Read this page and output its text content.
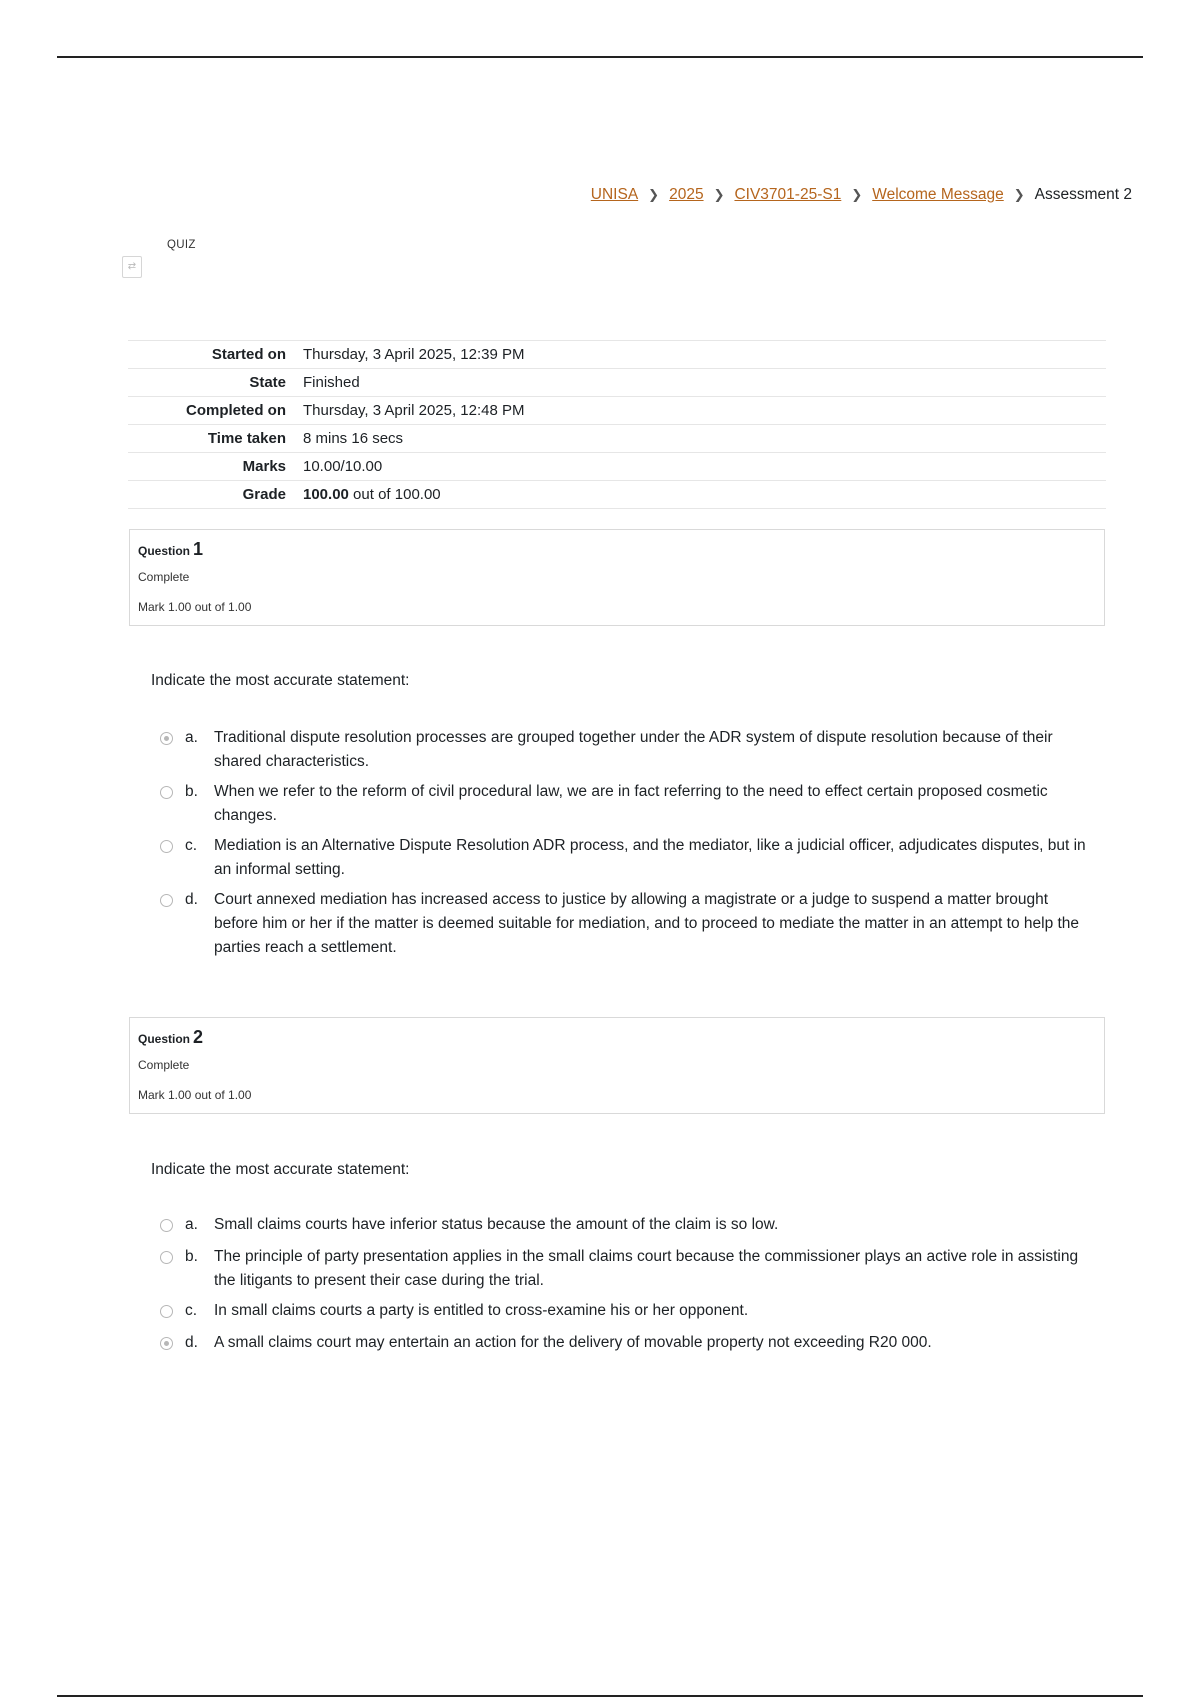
UNISA ❯ 2025 ❯ CIV3701-25-S1 ❯ Welcome Message ❯ Assessment 2
QUIZ
⇄
Started on	Thursday, 3 April 2025, 12:39 PM
State	Finished
Completed on	Thursday, 3 April 2025, 12:48 PM
Time taken	8 mins 16 secs
Marks	10.00/10.00
Grade	100.00 out of 100.00
Question 1
Complete
Mark 1.00 out of 1.00
Indicate the most accurate statement:
a. Traditional dispute resolution processes are grouped together under the ADR system of dispute resolution because of their shared characteristics.
b. When we refer to the reform of civil procedural law, we are in fact referring to the need to effect certain proposed cosmetic changes.
c. Mediation is an Alternative Dispute Resolution ADR process, and the mediator, like a judicial officer, adjudicates disputes, but in an informal setting.
d. Court annexed mediation has increased access to justice by allowing a magistrate or a judge to suspend a matter brought before him or her if the matter is deemed suitable for mediation, and to proceed to mediate the matter in an attempt to help the parties reach a settlement.
Question 2
Complete
Mark 1.00 out of 1.00
Indicate the most accurate statement:
a. Small claims courts have inferior status because the amount of the claim is so low.
b. The principle of party presentation applies in the small claims court because the commissioner plays an active role in assisting the litigants to present their case during the trial.
c. In small claims courts a party is entitled to cross-examine his or her opponent.
d. A small claims court may entertain an action for the delivery of movable property not exceeding R20 000.
